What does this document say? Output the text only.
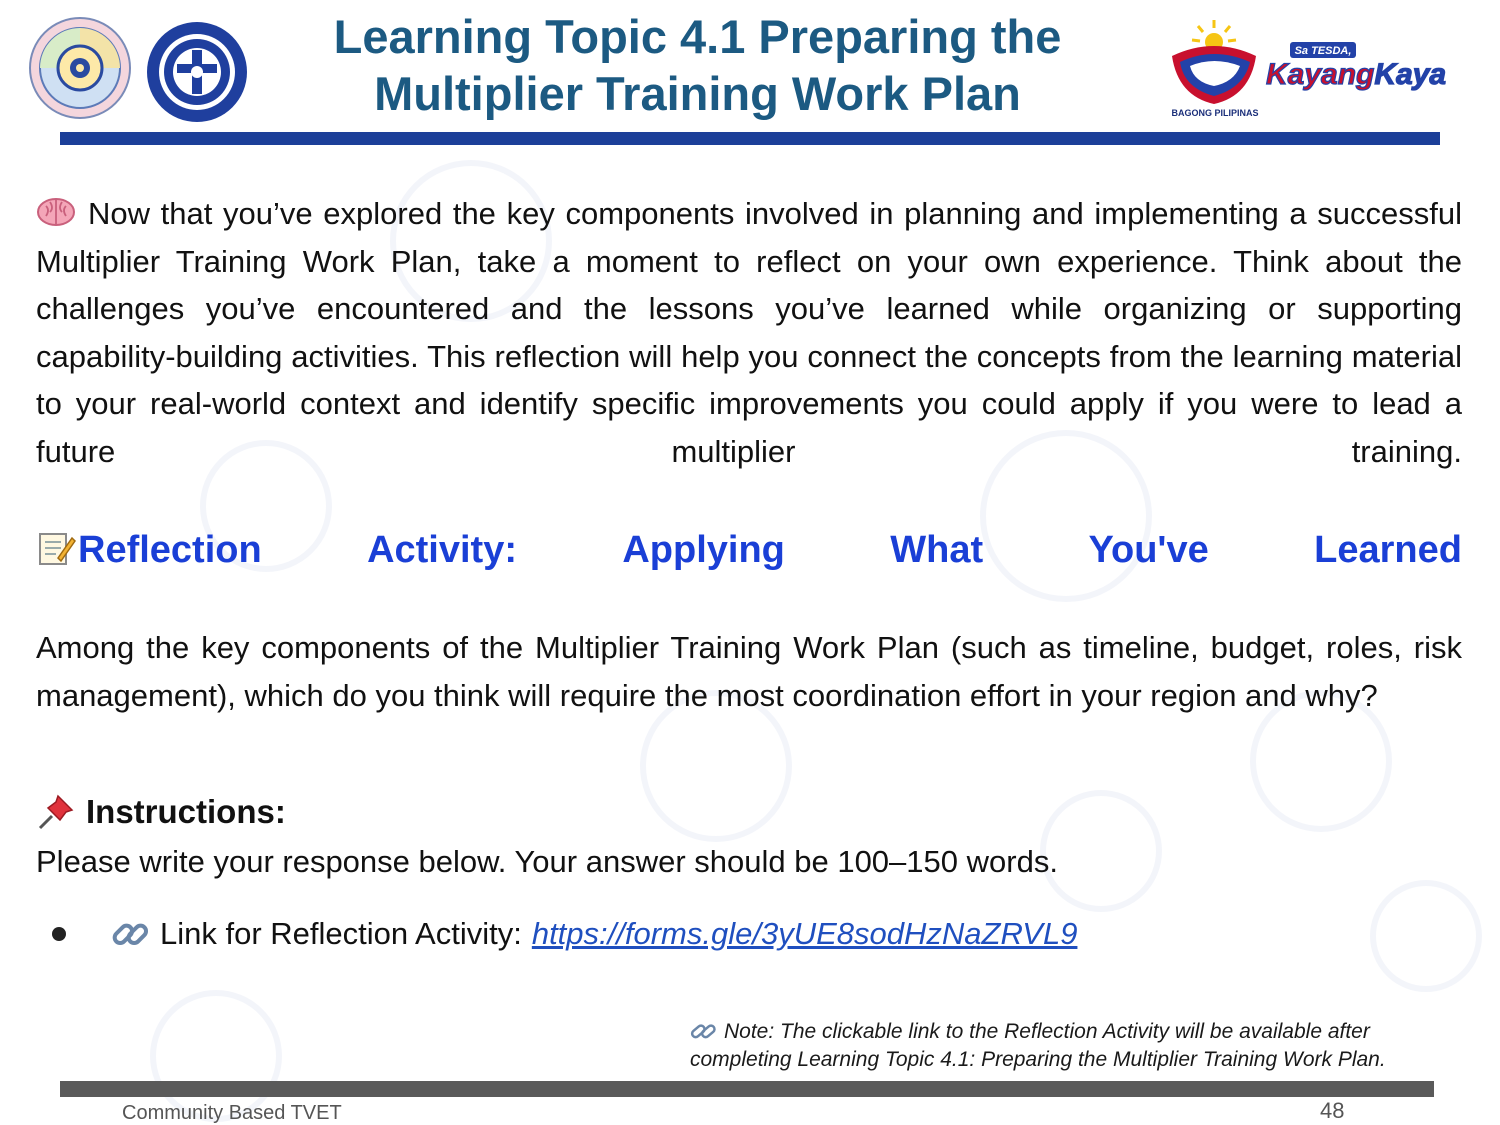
Learning Topic 4.1 Preparing the
Multiplier Training Work Plan	BAGONG PILIPINAS
Sa TESDA,
KayangKaya

Now that you’ve explored the key components involved in planning and implementing a successful Multiplier Training Work Plan, take a moment to reflect on your own experience. Think about the challenges you’ve encountered and the lessons you’ve learned while organizing or supporting capability-building activities. This reflection will help you connect the concepts from the learning material to your real-world context and identify specific improvements you could apply if you were to lead a future multiplier training.

Reflection	Activity:	Applying	What	You've	Learned

Among the key components of the Multiplier Training Work Plan (such as timeline, budget, roles, risk management), which do you think will require the most coordination effort in your region and why?

Instructions:

Please write your response below. Your answer should be 100–150 words.

Link for Reflection Activity: https://forms.gle/3yUE8sodHzNaZRVL9
Note: The clickable link to the Reflection Activity will be available after completing Learning Topic 4.1: Preparing the Multiplier Training Work Plan.
Community Based TVET	48
